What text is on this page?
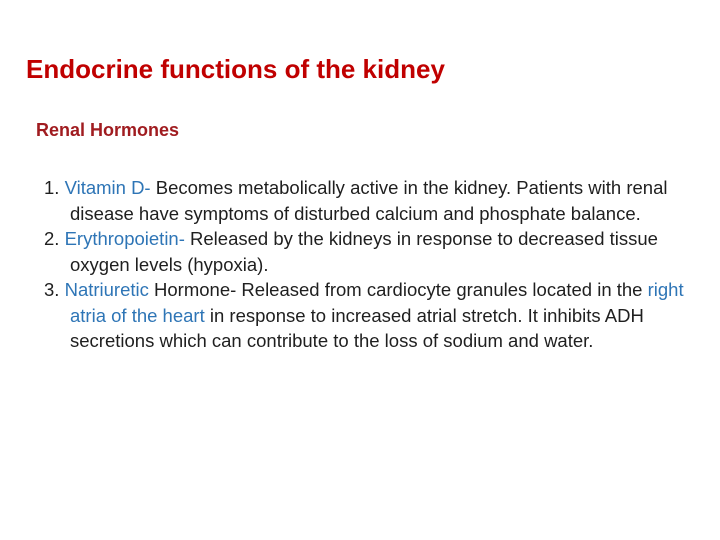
Endocrine functions of the kidney
Renal Hormones
1. Vitamin D- Becomes metabolically active in the kidney. Patients with renal disease have symptoms of disturbed calcium and phosphate balance.
2. Erythropoietin- Released by the kidneys in response to decreased tissue oxygen levels (hypoxia).
3. Natriuretic Hormone- Released from cardiocyte granules located in the right atria of the heart in response to increased atrial stretch. It inhibits ADH secretions which can contribute to the loss of sodium and water.
